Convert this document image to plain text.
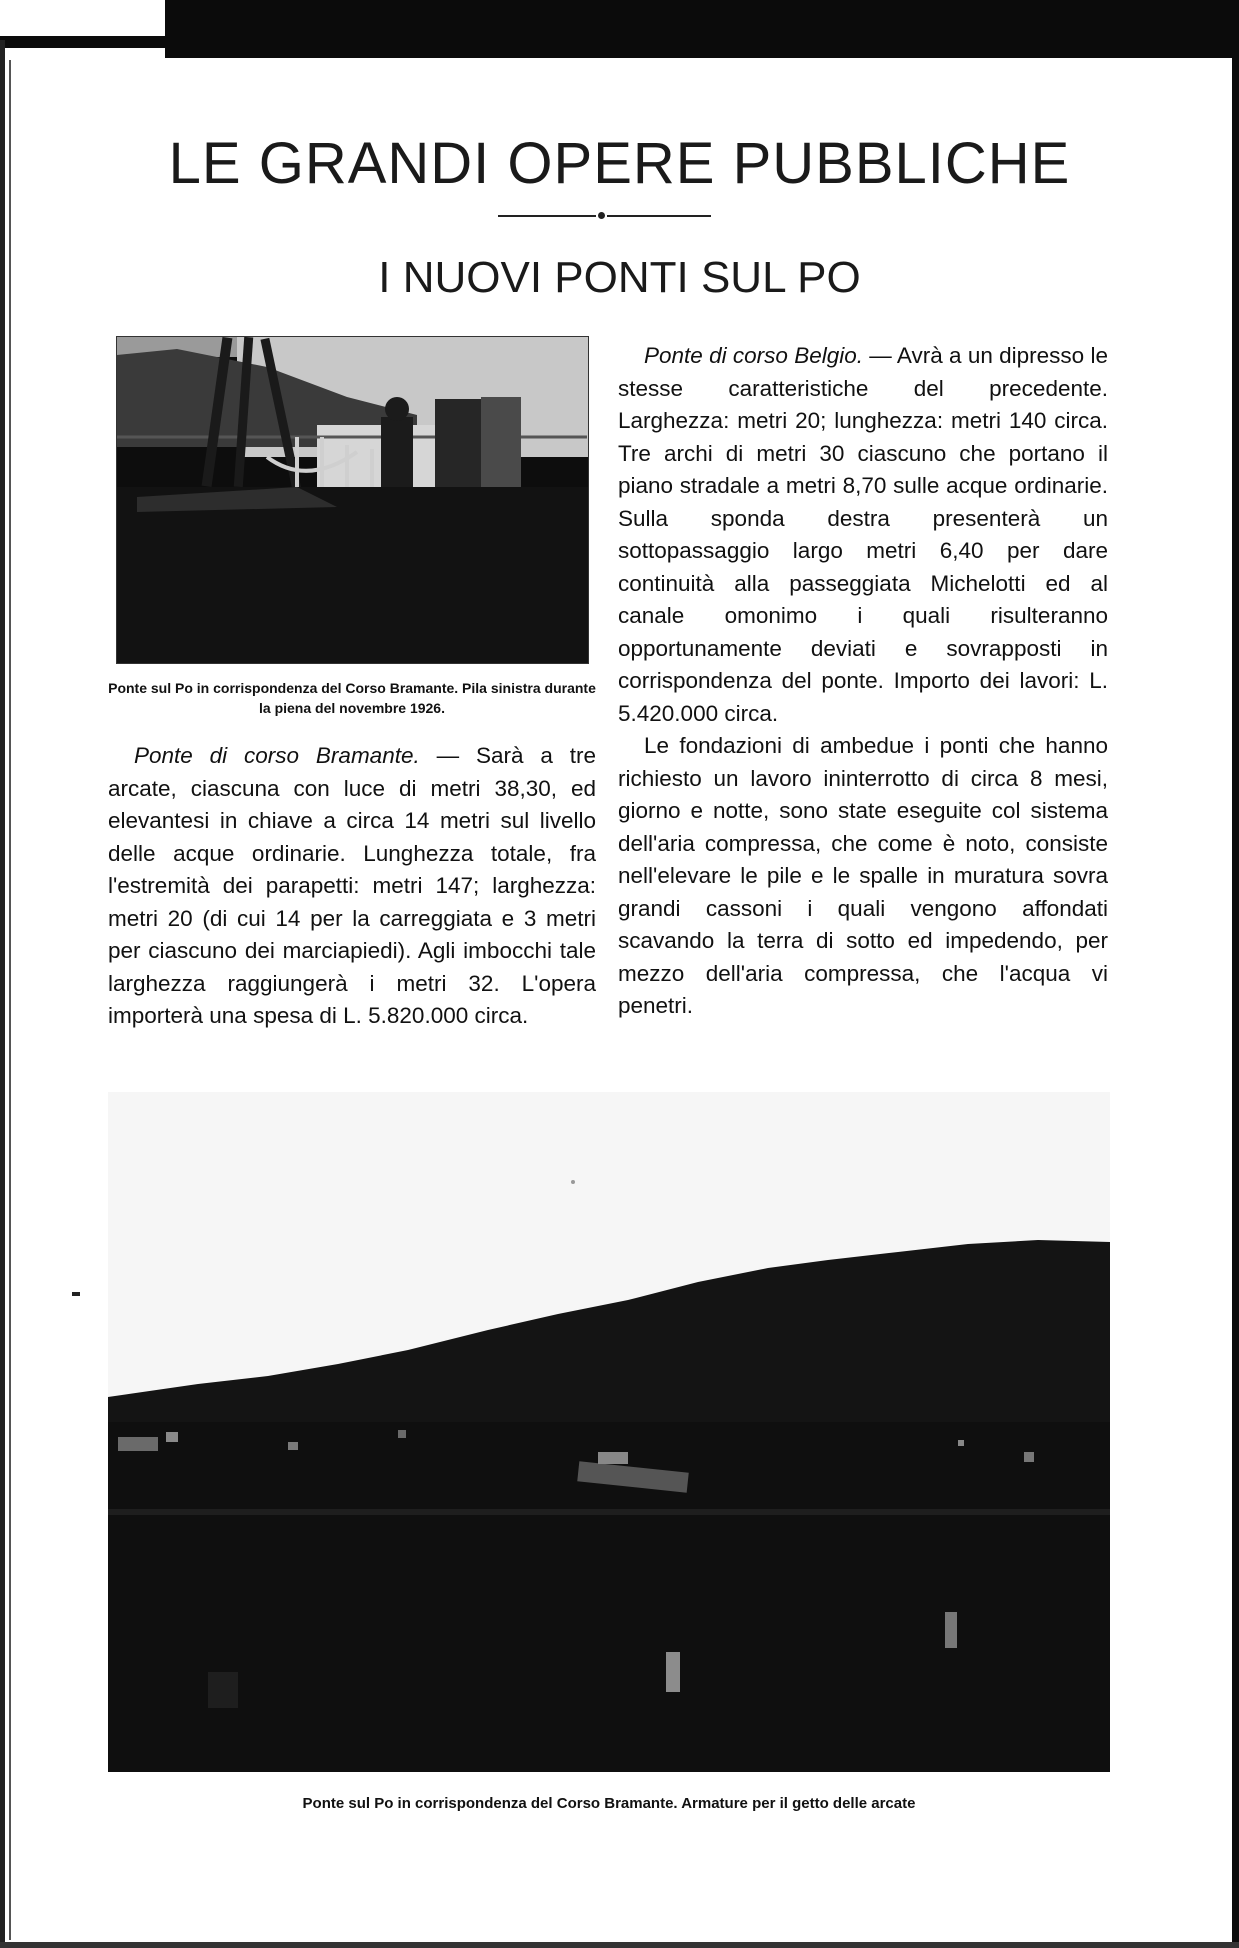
LE GRANDI OPERE PUBBLICHE
I NUOVI PONTI SUL PO
Ponte sul Po in corrispondenza del Corso Bramante. Pila sinistra durante la piena del novembre 1926.

Ponte di corso Bramante. — Sarà a tre arcate, ciascuna con luce di metri 38,30, ed elevantesi in chiave a circa 14 metri sul livello delle acque ordinarie. Lunghezza totale, fra l'estremità dei parapetti: metri 147; larghezza: metri 20 (di cui 14 per la carreggiata e 3 metri per ciascuno dei marciapiedi). Agli imbocchi tale larghezza raggiungerà i metri 32. L'opera importerà una spesa di L. 5.820.000 circa.

Ponte di corso Belgio. — Avrà a un dipresso le stesse caratteristiche del precedente. Larghezza: metri 20; lunghezza: metri 140 circa. Tre archi di metri 30 ciascuno che portano il piano stradale a metri 8,70 sulle acque ordinarie. Sulla sponda destra presenterà un sottopassaggio largo metri 6,40 per dare continuità alla passeggiata Michelotti ed al canale omonimo i quali risulteranno opportunamente deviati e sovrapposti in corrispondenza del ponte. Importo dei lavori: L. 5.420.000 circa.

Le fondazioni di ambedue i ponti che hanno richiesto un lavoro ininterrotto di circa 8 mesi, giorno e notte, sono state eseguite col sistema dell'aria compressa, che come è noto, consiste nell'elevare le pile e le spalle in muratura sovra grandi cassoni i quali vengono affondati scavando la terra di sotto ed impedendo, per mezzo dell'aria compressa, che l'acqua vi penetri.

Ponte sul Po in corrispondenza del Corso Bramante. Armature per il getto delle arcate
